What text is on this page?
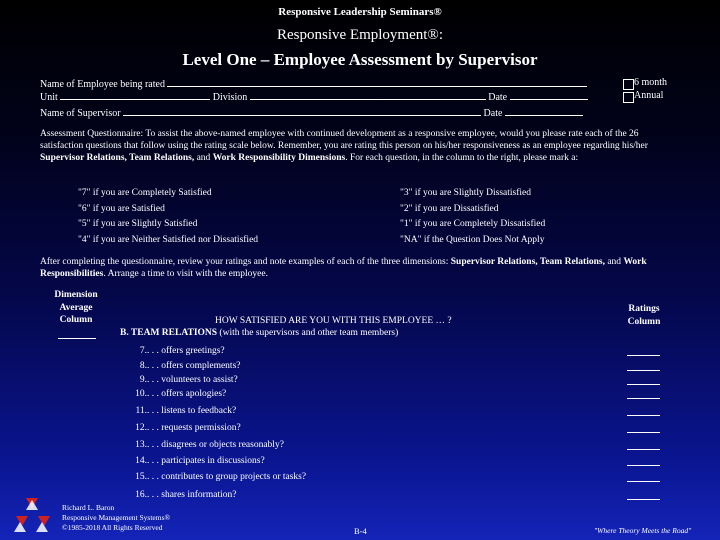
Responsive Leadership Seminars®
Responsive Employment®:
Level One – Employee Assessment by Supervisor
Name of Employee being rated
Unit	Division	Date
Name of Supervisor	Date
6 month
Annual
Assessment Questionnaire: To assist the above-named employee with continued development as a responsive employee, would you please rate each of the 26 satisfaction questions that follow using the rating scale below. Remember, you are rating this person on his/her responsiveness as an employee regarding his/her Supervisor Relations, Team Relations, and Work Responsibility Dimensions. For each question, in the column to the right, please mark a:
"7" if you are Completely Satisfied
"6" if you are Satisfied
"5" if you are Slightly Satisfied
"4" if you are Neither Satisfied nor Dissatisfied
"3" if you are Slightly Dissatisfied
"2" if you are Dissatisfied
"1" if you are Completely Dissatisfied
"NA" if the Question Does Not Apply
After completing the questionnaire, review your ratings and note examples of each of the three dimensions: Supervisor Relations, Team Relations, and Work Responsibilities. Arrange a time to visit with the employee.
Dimension
Average
Column
Ratings
Column
HOW SATISFIED ARE YOU WITH THIS EMPLOYEE … ?
B. TEAM RELATIONS (with the supervisors and other team members)
7.. . . offers greetings?
8.. . . offers complements?
9.. . . volunteers to assist?
10.. . . offers apologies?
11.. . . listens to feedback?
12.. . . requests permission?
13.. . . disagrees or objects reasonably?
14.. . . participates in discussions?
15.. . . contributes to group projects or tasks?
16.. . . shares information?
Richard L. Baron
Responsive Management Systems®
©1985-2018 All Rights Reserved	B-4	"Where Theory Meets the Road"
